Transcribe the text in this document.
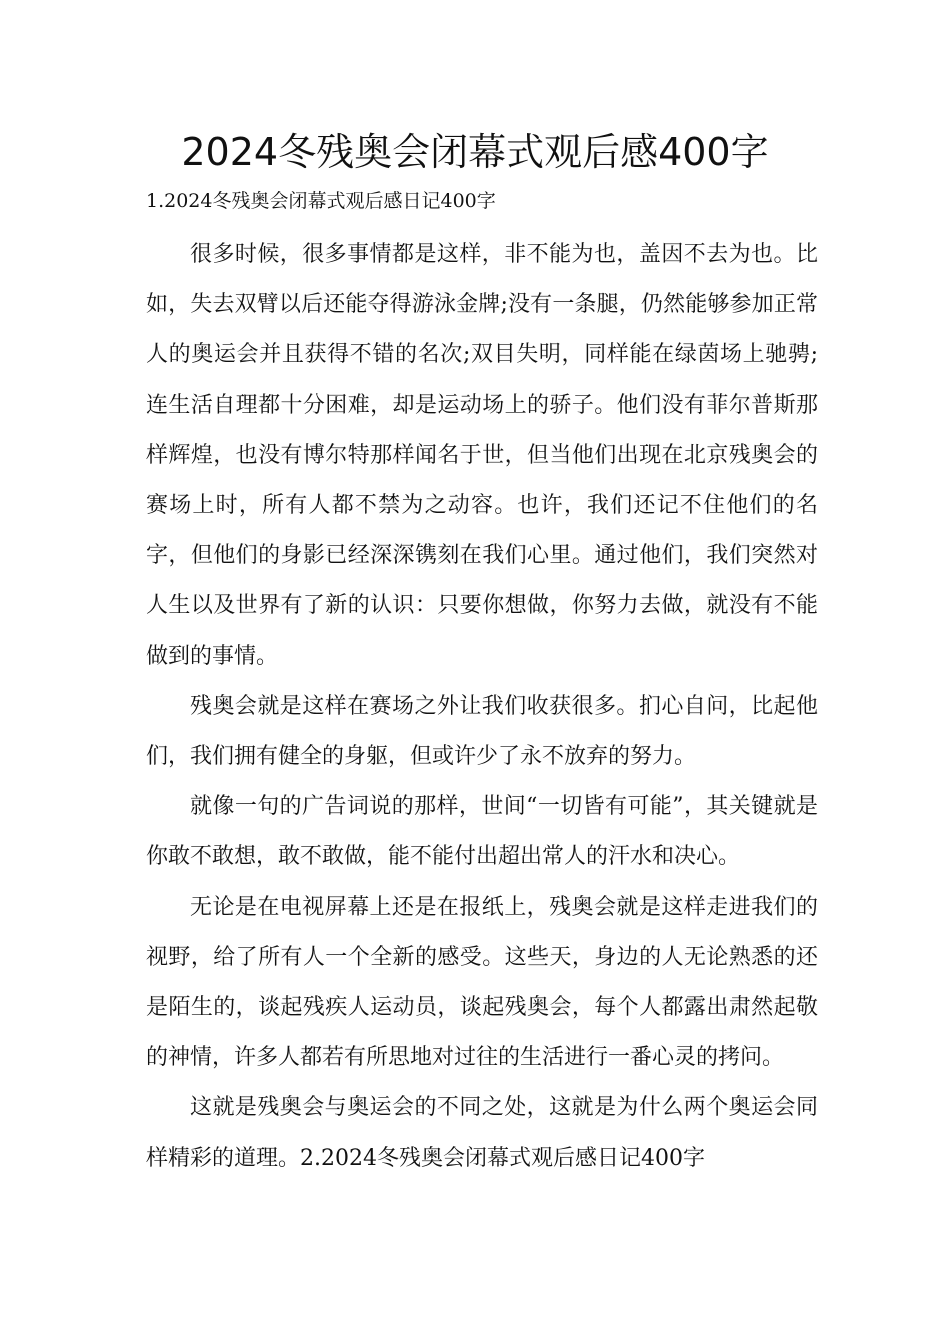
2024冬残奥会闭幕式观后感400字
1.2024冬残奥会闭幕式观后感日记400字

很多时候，很多事情都是这样，非不能为也，盖因不去为也。比如，失去双臂以后还能夺得游泳金牌;没有一条腿，仍然能够参加正常人的奥运会并且获得不错的名次;双目失明，同样能在绿茵场上驰骋;连生活自理都十分困难，却是运动场上的骄子。他们没有菲尔普斯那样辉煌，也没有博尔特那样闻名于世，但当他们出现在北京残奥会的赛场上时，所有人都不禁为之动容。也许，我们还记不住他们的名字，但他们的身影已经深深镌刻在我们心里。通过他们，我们突然对人生以及世界有了新的认识：只要你想做，你努力去做，就没有不能做到的事情。

残奥会就是这样在赛场之外让我们收获很多。扪心自问，比起他们，我们拥有健全的身躯，但或许少了永不放弃的努力。

就像一句的广告词说的那样，世间“一切皆有可能”，其关键就是你敢不敢想，敢不敢做，能不能付出超出常人的汗水和决心。

无论是在电视屏幕上还是在报纸上，残奥会就是这样走进我们的视野，给了所有人一个全新的感受。这些天，身边的人无论熟悉的还是陌生的，谈起残疾人运动员，谈起残奥会，每个人都露出肃然起敬的神情，许多人都若有所思地对过往的生活进行一番心灵的拷问。

这就是残奥会与奥运会的不同之处，这就是为什么两个奥运会同样精彩的道理。2.2024冬残奥会闭幕式观后感日记400字
